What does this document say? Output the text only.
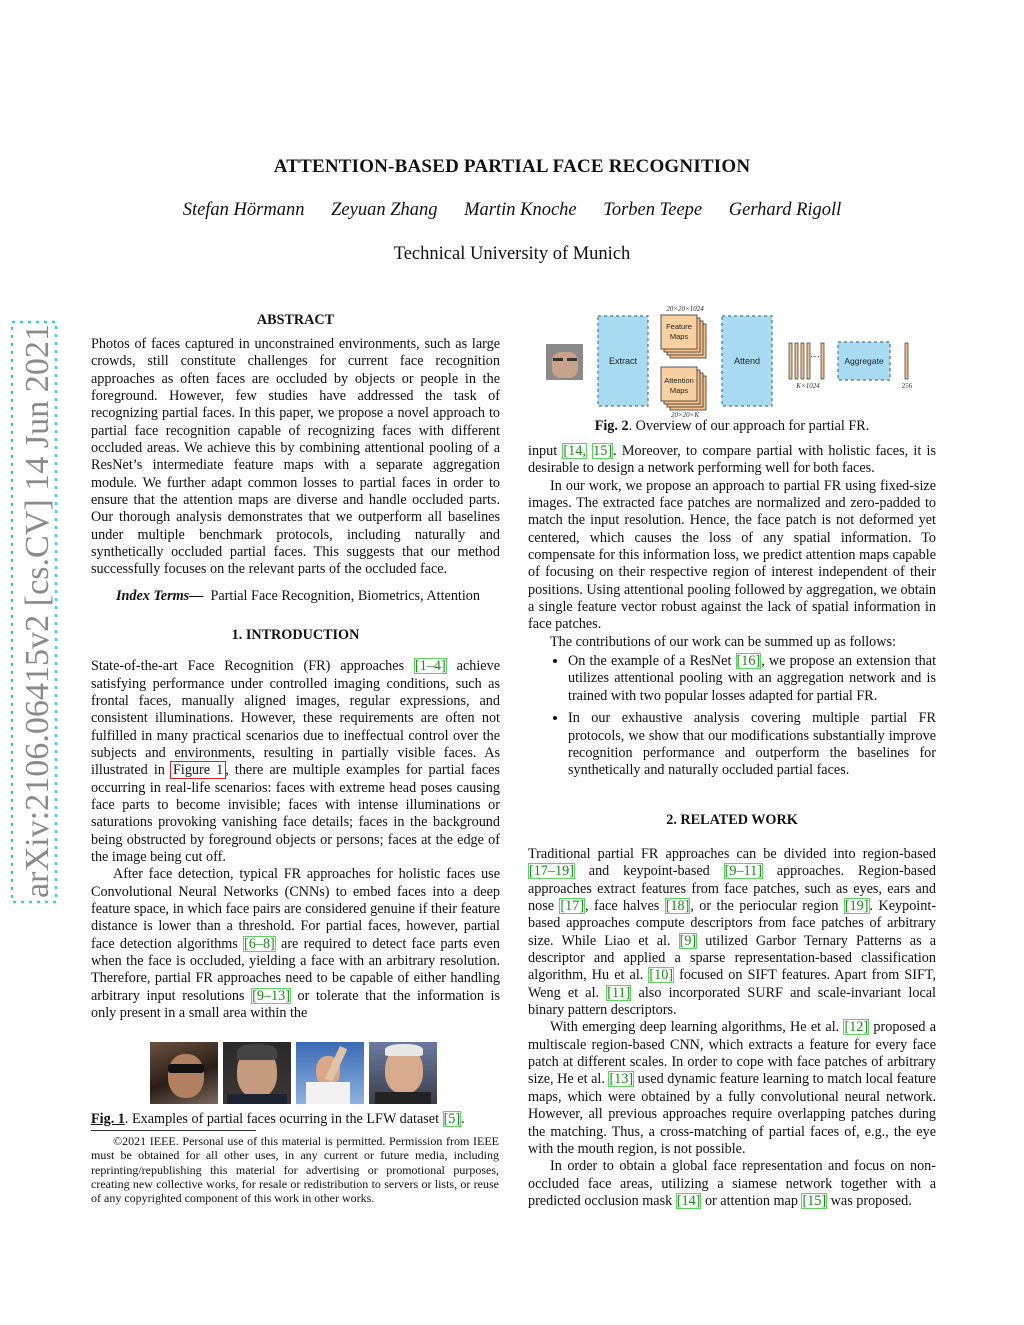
ATTENTION-BASED PARTIAL FACE RECOGNITION
Stefan Hörmann Zeyuan Zhang Martin Knoche Torben Teepe Gerhard Rigoll
Technical University of Munich
arXiv:2106.06415v2 [cs.CV] 14 Jun 2021
ABSTRACT

Photos of faces captured in unconstrained environments, such as large crowds, still constitute challenges for current face recognition approaches as often faces are occluded by objects or people in the foreground. However, few studies have addressed the task of recognizing partial faces. In this paper, we propose a novel approach to partial face recognition capable of recognizing faces with different occluded areas. We achieve this by combining attentional pooling of a ResNet’s intermediate feature maps with a separate aggregation module. We further adapt common losses to partial faces in order to ensure that the attention maps are diverse and handle occluded parts. Our thorough analysis demonstrates that we outperform all baselines under multiple benchmark protocols, including naturally and synthetically occluded partial faces. This suggests that our method successfully focuses on the relevant parts of the occluded face.

Index Terms— Partial Face Recognition, Biometrics, Attention

1. INTRODUCTION

State-of-the-art Face Recognition (FR) approaches [1–4] achieve satisfying performance under controlled imaging conditions, such as frontal faces, manually aligned images, regular expressions, and consistent illuminations. However, these requirements are often not fulfilled in many practical scenarios due to ineffectual control over the subjects and environments, resulting in partially visible faces. As illustrated in Figure 1 , there are multiple examples for partial faces occurring in real-life scenarios: faces with extreme head poses causing face parts to become invisible; faces with intense illuminations or saturations provoking vanishing face details; faces in the background being obstructed by foreground objects or persons; faces at the edge of the image being cut off.

After face detection, typical FR approaches for holistic faces use Convolutional Neural Networks (CNNs) to embed faces into a deep feature space, in which face pairs are considered genuine if their feature distance is lower than a threshold. For partial faces, however, partial face detection algorithms [6–8] are required to detect face parts even when the face is occluded, yielding a face with an arbitrary resolution. Therefore, partial FR approaches need to be capable of either handling arbitrary input resolutions [9–13] or tolerate that the information is only present in a small area within the

Fig. 1. Examples of partial faces ocurring in the LFW dataset [5].
©2021 IEEE. Personal use of this material is permitted. Permission from IEEE must be obtained for all other uses, in any current or future media, including reprinting/republishing this material for advertising or promotional purposes, creating new collective works, for resale or redistribution to servers or lists, or reuse of any copyrighted component of this work in other works.
Extract
20×20×1024
Feature
Maps
Attention
Maps
20×20×K
Attend	···
K×1024
Aggregate
256
Fig. 2. Overview of our approach for partial FR.

input [14, 15]. Moreover, to compare partial with holistic faces, it is desirable to design a network performing well for both faces.

In our work, we propose an approach to partial FR using fixed-size images. The extracted face patches are normalized and zero-padded to match the input resolution. Hence, the face patch is not deformed yet centered, which causes the loss of any spatial information. To compensate for this information loss, we predict attention maps capable of focusing on their respective region of interest independent of their positions. Using attentional pooling followed by aggregation, we obtain a single feature vector robust against the lack of spatial information in face patches.

The contributions of our work can be summed up as follows:

• On the example of a ResNet [16], we propose an extension that utilizes attentional pooling with an aggregation network and is trained with two popular losses adapted for partial FR.
• In our exhaustive analysis covering multiple partial FR protocols, we show that our modifications substantially improve recognition performance and outperform the baselines for synthetically and naturally occluded partial faces.
2. RELATED WORK

Traditional partial FR approaches can be divided into region-based [17–19] and keypoint-based [9–11] approaches. Region-based approaches extract features from face patches, such as eyes, ears and nose [17], face halves [18], or the periocular region [19]. Keypoint-based approaches compute descriptors from face patches of arbitrary size. While Liao et al. [9] utilized Garbor Ternary Patterns as a descriptor and applied a sparse representation-based classification algorithm, Hu et al. [10] focused on SIFT features. Apart from SIFT, Weng et al. [11] also incorporated SURF and scale-invariant local binary pattern descriptors.

With emerging deep learning algorithms, He et al. [12] proposed a multiscale region-based CNN, which extracts a feature for every face patch at different scales. In order to cope with face patches of arbitrary size, He et al. [13] used dynamic feature learning to match local feature maps, which were obtained by a fully convolutional neural network. However, all previous approaches require overlapping patches during the matching. Thus, a cross-matching of partial faces of, e.g., the eye with the mouth region, is not possible.

In order to obtain a global face representation and focus on non-occluded face areas, utilizing a siamese network together with a predicted occlusion mask [14] or attention map [15] was proposed.
